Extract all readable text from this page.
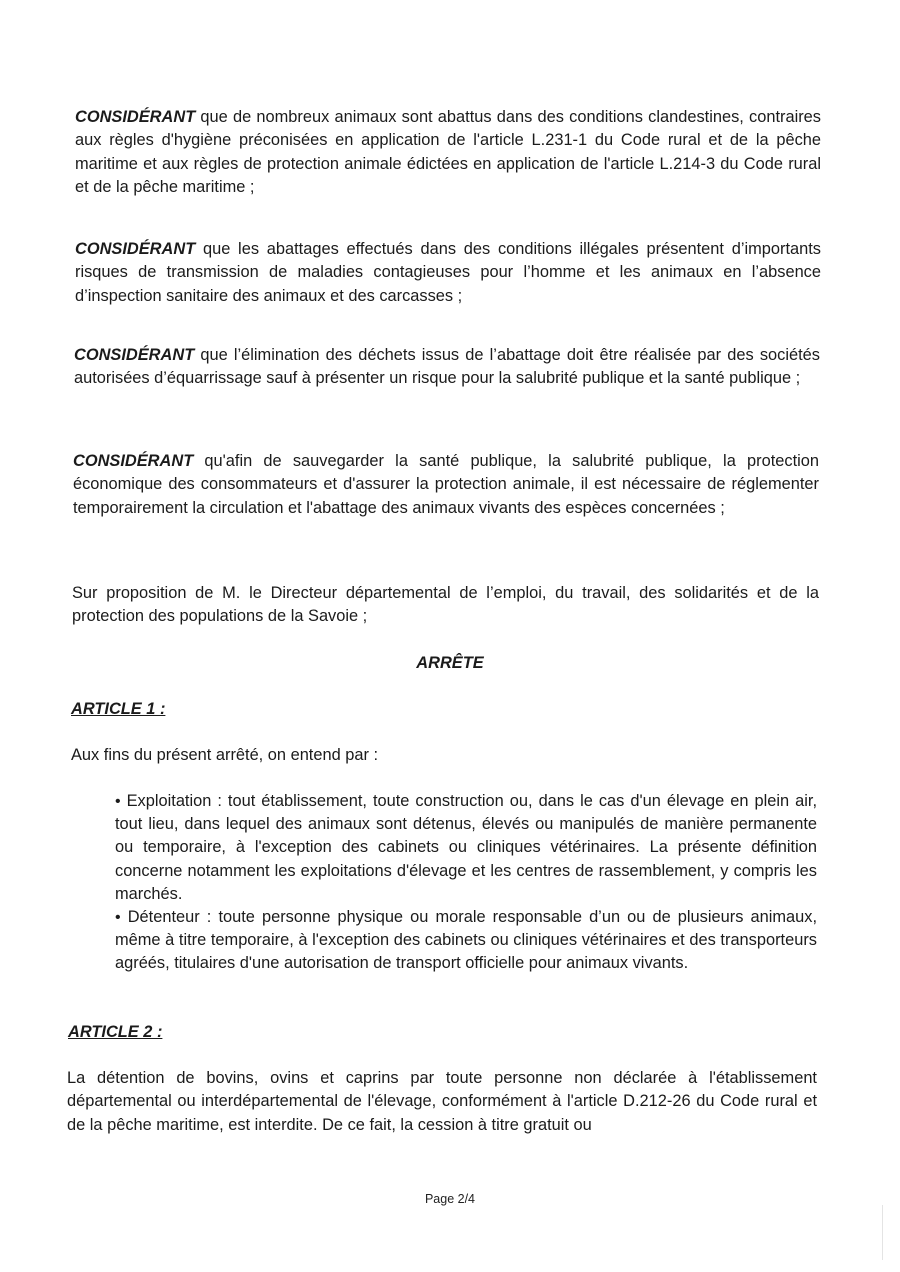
CONSIDÉRANT que de nombreux animaux sont abattus dans des conditions clandestines, contraires aux règles d'hygiène préconisées en application de l'article L.231-1 du Code rural et de la pêche maritime et aux règles de protection animale édictées en application de l'article L.214-3 du Code rural et de la pêche maritime ;

CONSIDÉRANT que les abattages effectués dans des conditions illégales présentent d’importants risques de transmission de maladies contagieuses pour l’homme et les animaux en l’absence d’inspection sanitaire des animaux et des carcasses ;

CONSIDÉRANT que l’élimination des déchets issus de l’abattage doit être réalisée par des sociétés autorisées d’équarrissage sauf à présenter un risque pour la salubrité publique et la santé publique ;

CONSIDÉRANT qu'afin de sauvegarder la santé publique, la salubrité publique, la protection économique des consommateurs et d'assurer la protection animale, il est nécessaire de réglementer temporairement la circulation et l'abattage des animaux vivants des espèces concernées ;

Sur proposition de M. le Directeur départemental de l’emploi, du travail, des solidarités et de la protection des populations de la Savoie ;

ARRÊTE
ARTICLE 1 :

Aux fins du présent arrêté, on entend par :

• Exploitation : tout établissement, toute construction ou, dans le cas d'un élevage en plein air, tout lieu, dans lequel des animaux sont détenus, élevés ou manipulés de manière permanente ou temporaire, à l'exception des cabinets ou cliniques vétérinaires. La présente définition concerne notamment les exploitations d'élevage et les centres de rassemblement, y compris les marchés.
• Détenteur : toute personne physique ou morale responsable d’un ou de plusieurs animaux, même à titre temporaire, à l'exception des cabinets ou cliniques vétérinaires et des transporteurs agréés, titulaires d'une autorisation de transport officielle pour animaux vivants.
ARTICLE 2 :

La détention de bovins, ovins et caprins par toute personne non déclarée à l'établissement départemental ou interdépartemental de l'élevage, conformément à l'article D.212-26 du Code rural et de la pêche maritime, est interdite. De ce fait, la cession à titre gratuit ou

Page 2/4
